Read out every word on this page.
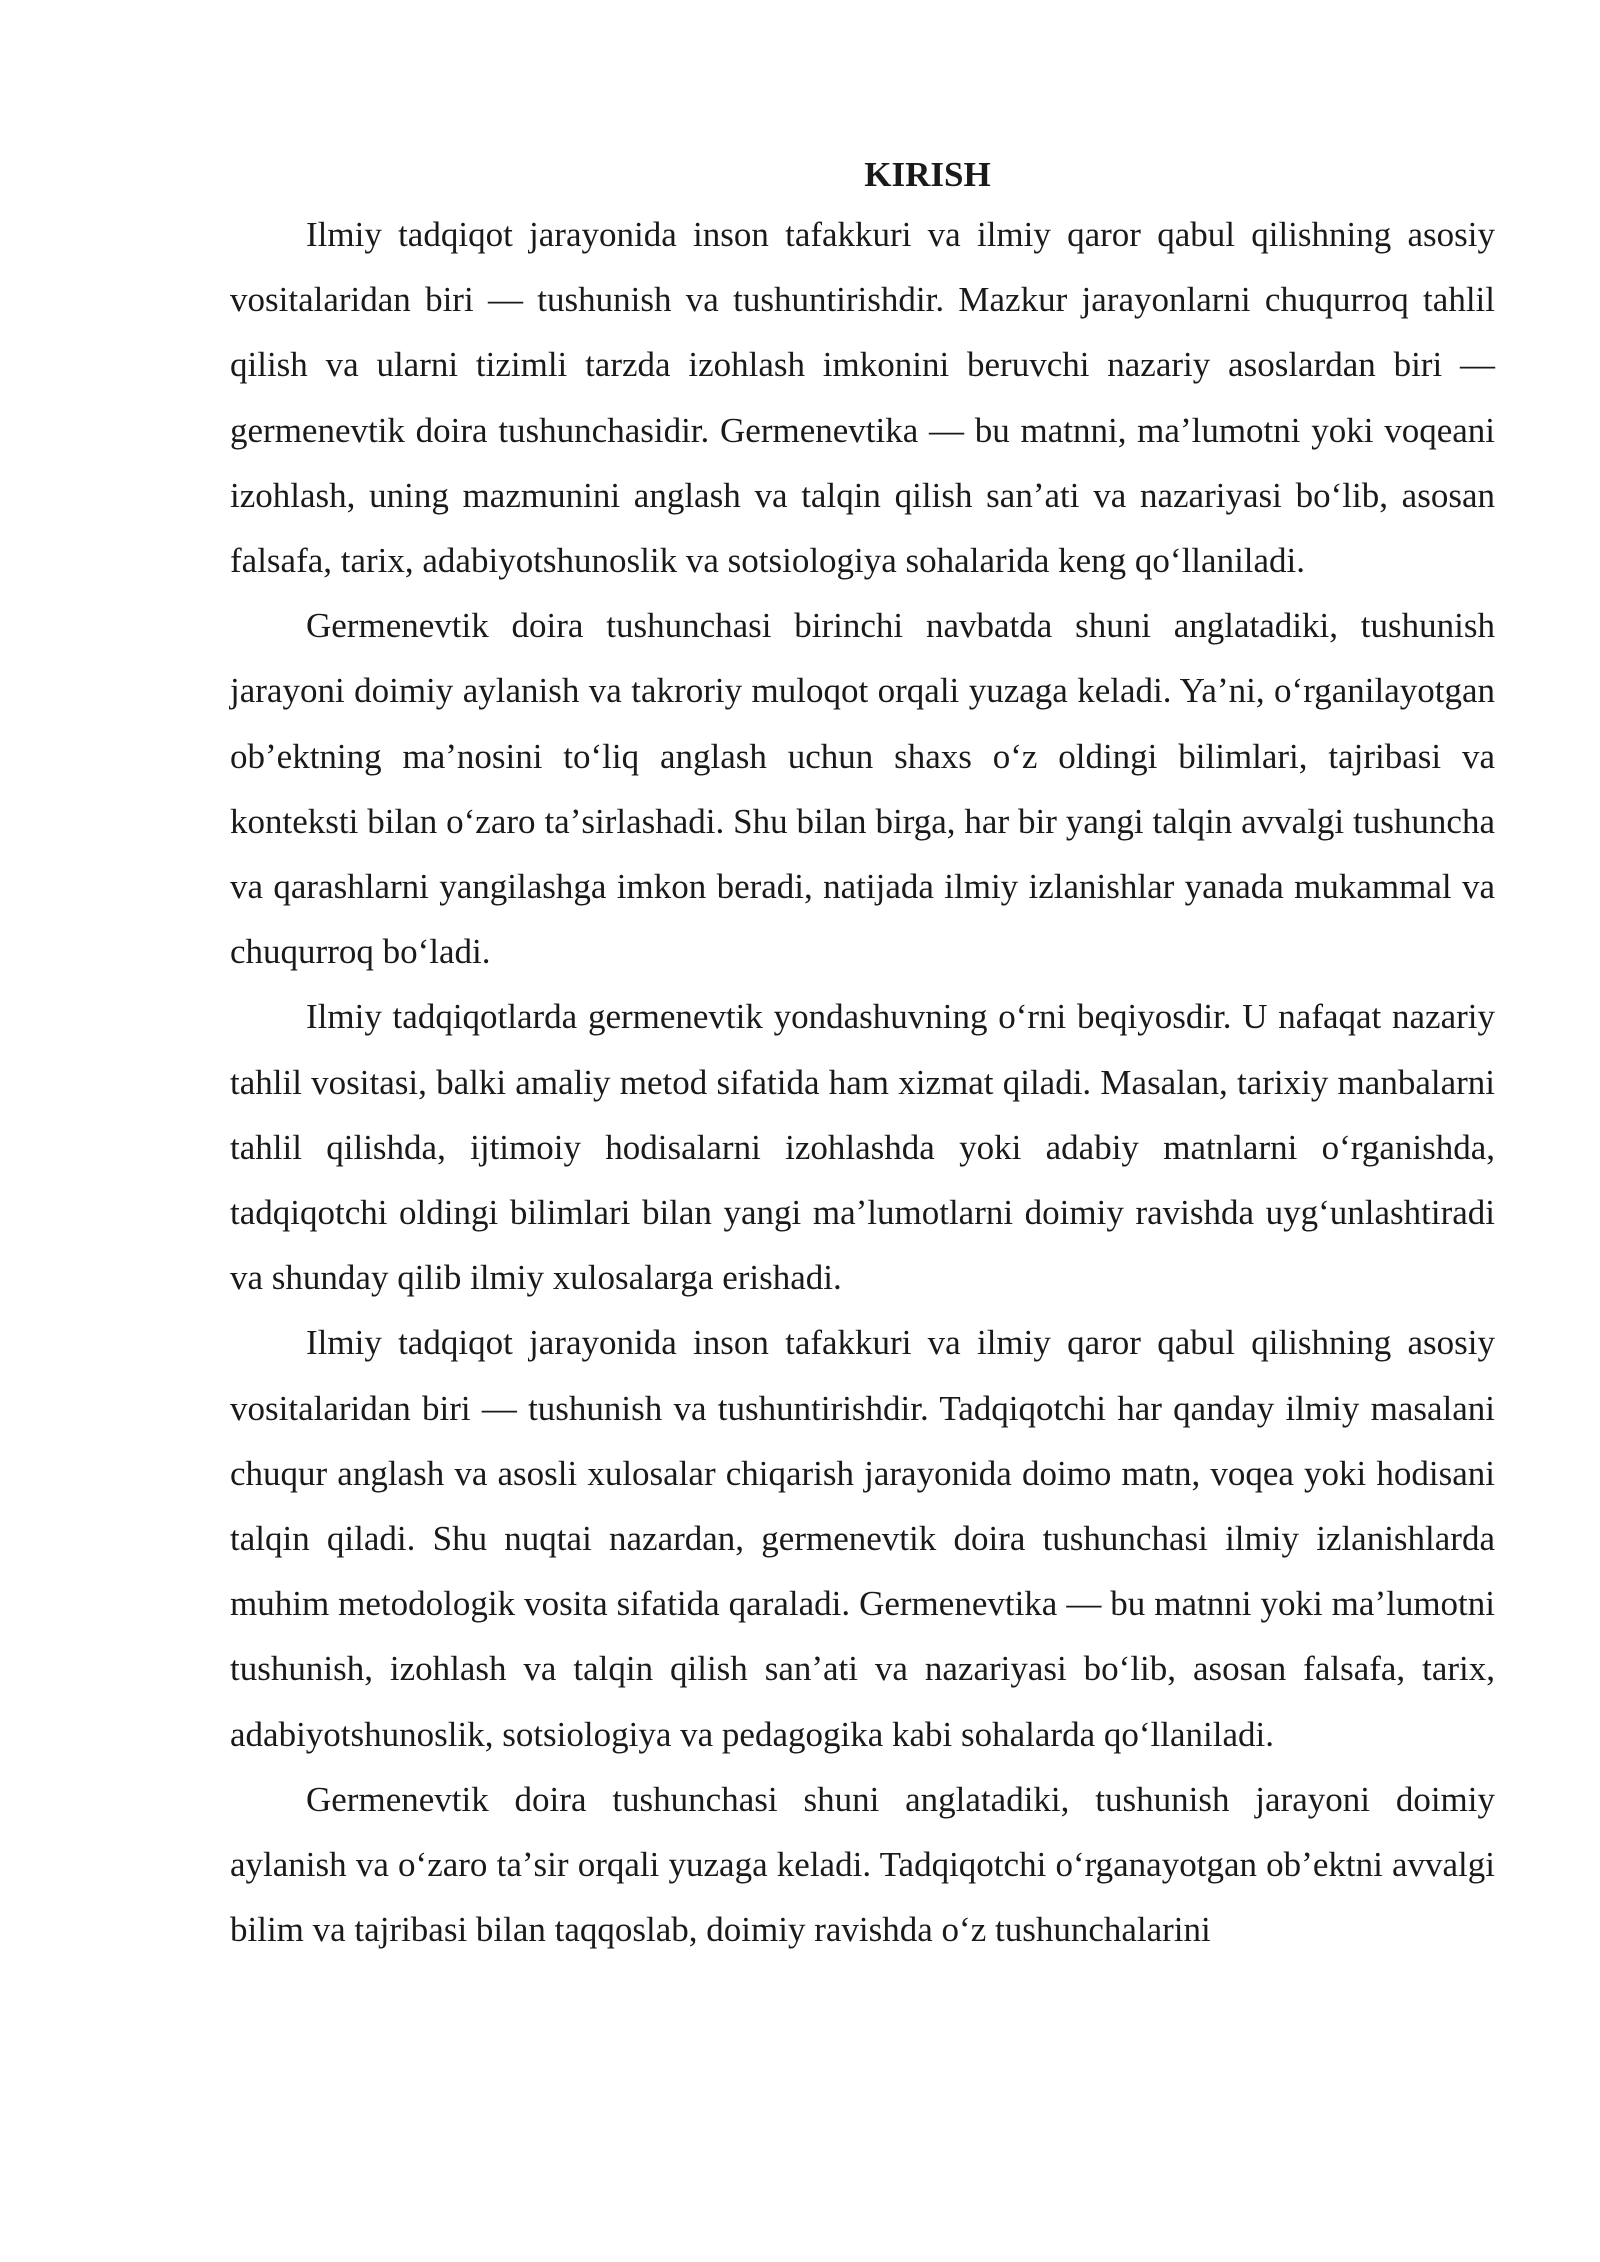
KIRISH

Ilmiy tadqiqot jarayonida inson tafakkuri va ilmiy qaror qabul qilishning asosiy vositalaridan biri — tushunish va tushuntirishdir. Mazkur jarayonlarni chuqurroq tahlil qilish va ularni tizimli tarzda izohlash imkonini beruvchi nazariy asoslardan biri — germenevtik doira tushunchasidir. Germenevtika — bu matnni, maʼlumotni yoki voqeani izohlash, uning mazmunini anglash va talqin qilish sanʼati va nazariyasi boʻlib, asosan falsafa, tarix, adabiyotshunoslik va sotsiologiya sohalarida keng qoʻllaniladi.

Germenevtik doira tushunchasi birinchi navbatda shuni anglatadiki, tushunish jarayoni doimiy aylanish va takroriy muloqot orqali yuzaga keladi. Yaʼni, oʻrganilayotgan obʼektning maʼnosini toʻliq anglash uchun shaxs oʻz oldingi bilimlari, tajribasi va konteksti bilan oʻzaro taʼsirlashadi. Shu bilan birga, har bir yangi talqin avvalgi tushuncha va qarashlarni yangilashga imkon beradi, natijada ilmiy izlanishlar yanada mukammal va chuqurroq boʻladi.

Ilmiy tadqiqotlarda germenevtik yondashuvning oʻrni beqiyosdir. U nafaqat nazariy tahlil vositasi, balki amaliy metod sifatida ham xizmat qiladi. Masalan, tarixiy manbalarni tahlil qilishda, ijtimoiy hodisalarni izohlashda yoki adabiy matnlarni oʻrganishda, tadqiqotchi oldingi bilimlari bilan yangi maʼlumotlarni doimiy ravishda uygʻunlashtiradi va shunday qilib ilmiy xulosalarga erishadi.

Ilmiy tadqiqot jarayonida inson tafakkuri va ilmiy qaror qabul qilishning asosiy vositalaridan biri — tushunish va tushuntirishdir. Tadqiqotchi har qanday ilmiy masalani chuqur anglash va asosli xulosalar chiqarish jarayonida doimo matn, voqea yoki hodisani talqin qiladi. Shu nuqtai nazardan, germenevtik doira tushunchasi ilmiy izlanishlarda muhim metodologik vosita sifatida qaraladi. Germenevtika — bu matnni yoki maʼlumotni tushunish, izohlash va talqin qilish sanʼati va nazariyasi boʻlib, asosan falsafa, tarix, adabiyotshunoslik, sotsiologiya va pedagogika kabi sohalarda qoʻllaniladi.

Germenevtik doira tushunchasi shuni anglatadiki, tushunish jarayoni doimiy aylanish va oʻzaro taʼsir orqali yuzaga keladi. Tadqiqotchi oʻrganayotgan obʼektni avvalgi bilim va tajribasi bilan taqqoslab, doimiy ravishda oʻz tushunchalarini
